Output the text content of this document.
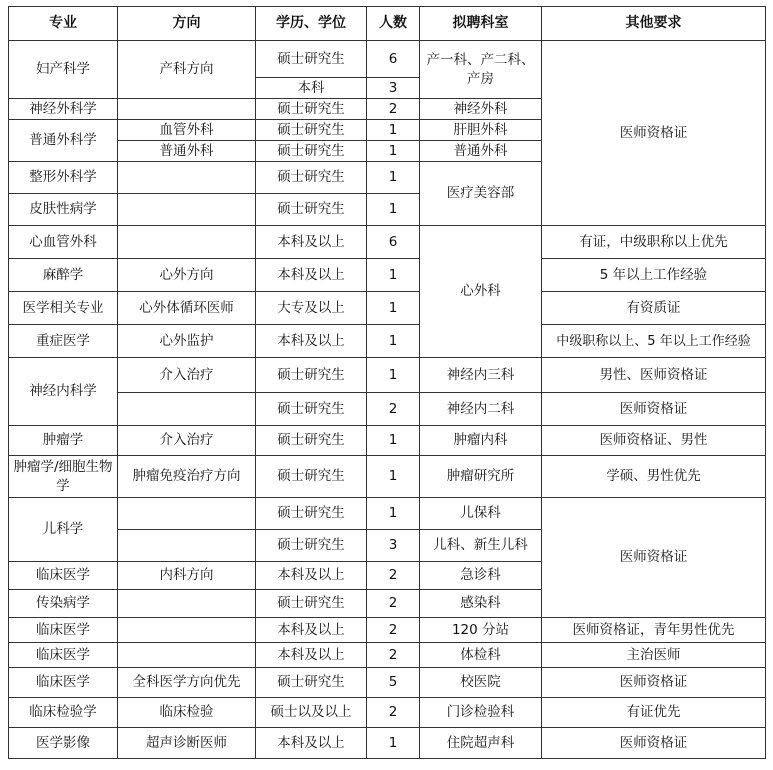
专业	方向	学历、学位	人数	拟聘科室	其他要求
妇产科学	产科方向	硕士研究生	6	产一科、产二科、产房	医师资格证
		本科	3		
神经外科学		硕士研究生	2	神经外科	
普通外科学	血管外科	硕士研究生	1	肝胆外科	
	普通外科	硕士研究生	1	普通外科	
整形外科学		硕士研究生	1	医疗美容部	
皮肤性病学		硕士研究生	1		
心血管外科		本科及以上	6	心外科	有证，中级职称以上优先
麻醉学	心外方向	本科及以上	1		5 年以上工作经验
医学相关专业	心外体循环医师	大专及以上	1		有资质证
重症医学	心外监护	本科及以上	1		中级职称以上、5 年以上工作经验
神经内科学	介入治疗	硕士研究生	1	神经内三科	男性、医师资格证
		硕士研究生	2	神经内二科	医师资格证
肿瘤学	介入治疗	硕士研究生	1	肿瘤内科	医师资格证、男性
肿瘤学/细胞生物学	肿瘤免疫治疗方向	硕士研究生	1	肿瘤研究所	学硕、男性优先
儿科学		硕士研究生	1	儿保科	医师资格证
		硕士研究生	3	儿科、新生儿科	
临床医学	内科方向	本科及以上	2	急诊科	
传染病学		硕士研究生	2	感染科	
临床医学		本科及以上	2	120 分站	医师资格证，青年男性优先
临床医学		本科及以上	2	体检科	主治医师
临床医学	全科医学方向优先	硕士研究生	5	校医院	医师资格证
临床检验学	临床检验	硕士以及以上	2	门诊检验科	有证优先
医学影像	超声诊断医师	本科及以上	1	住院超声科	医师资格证
